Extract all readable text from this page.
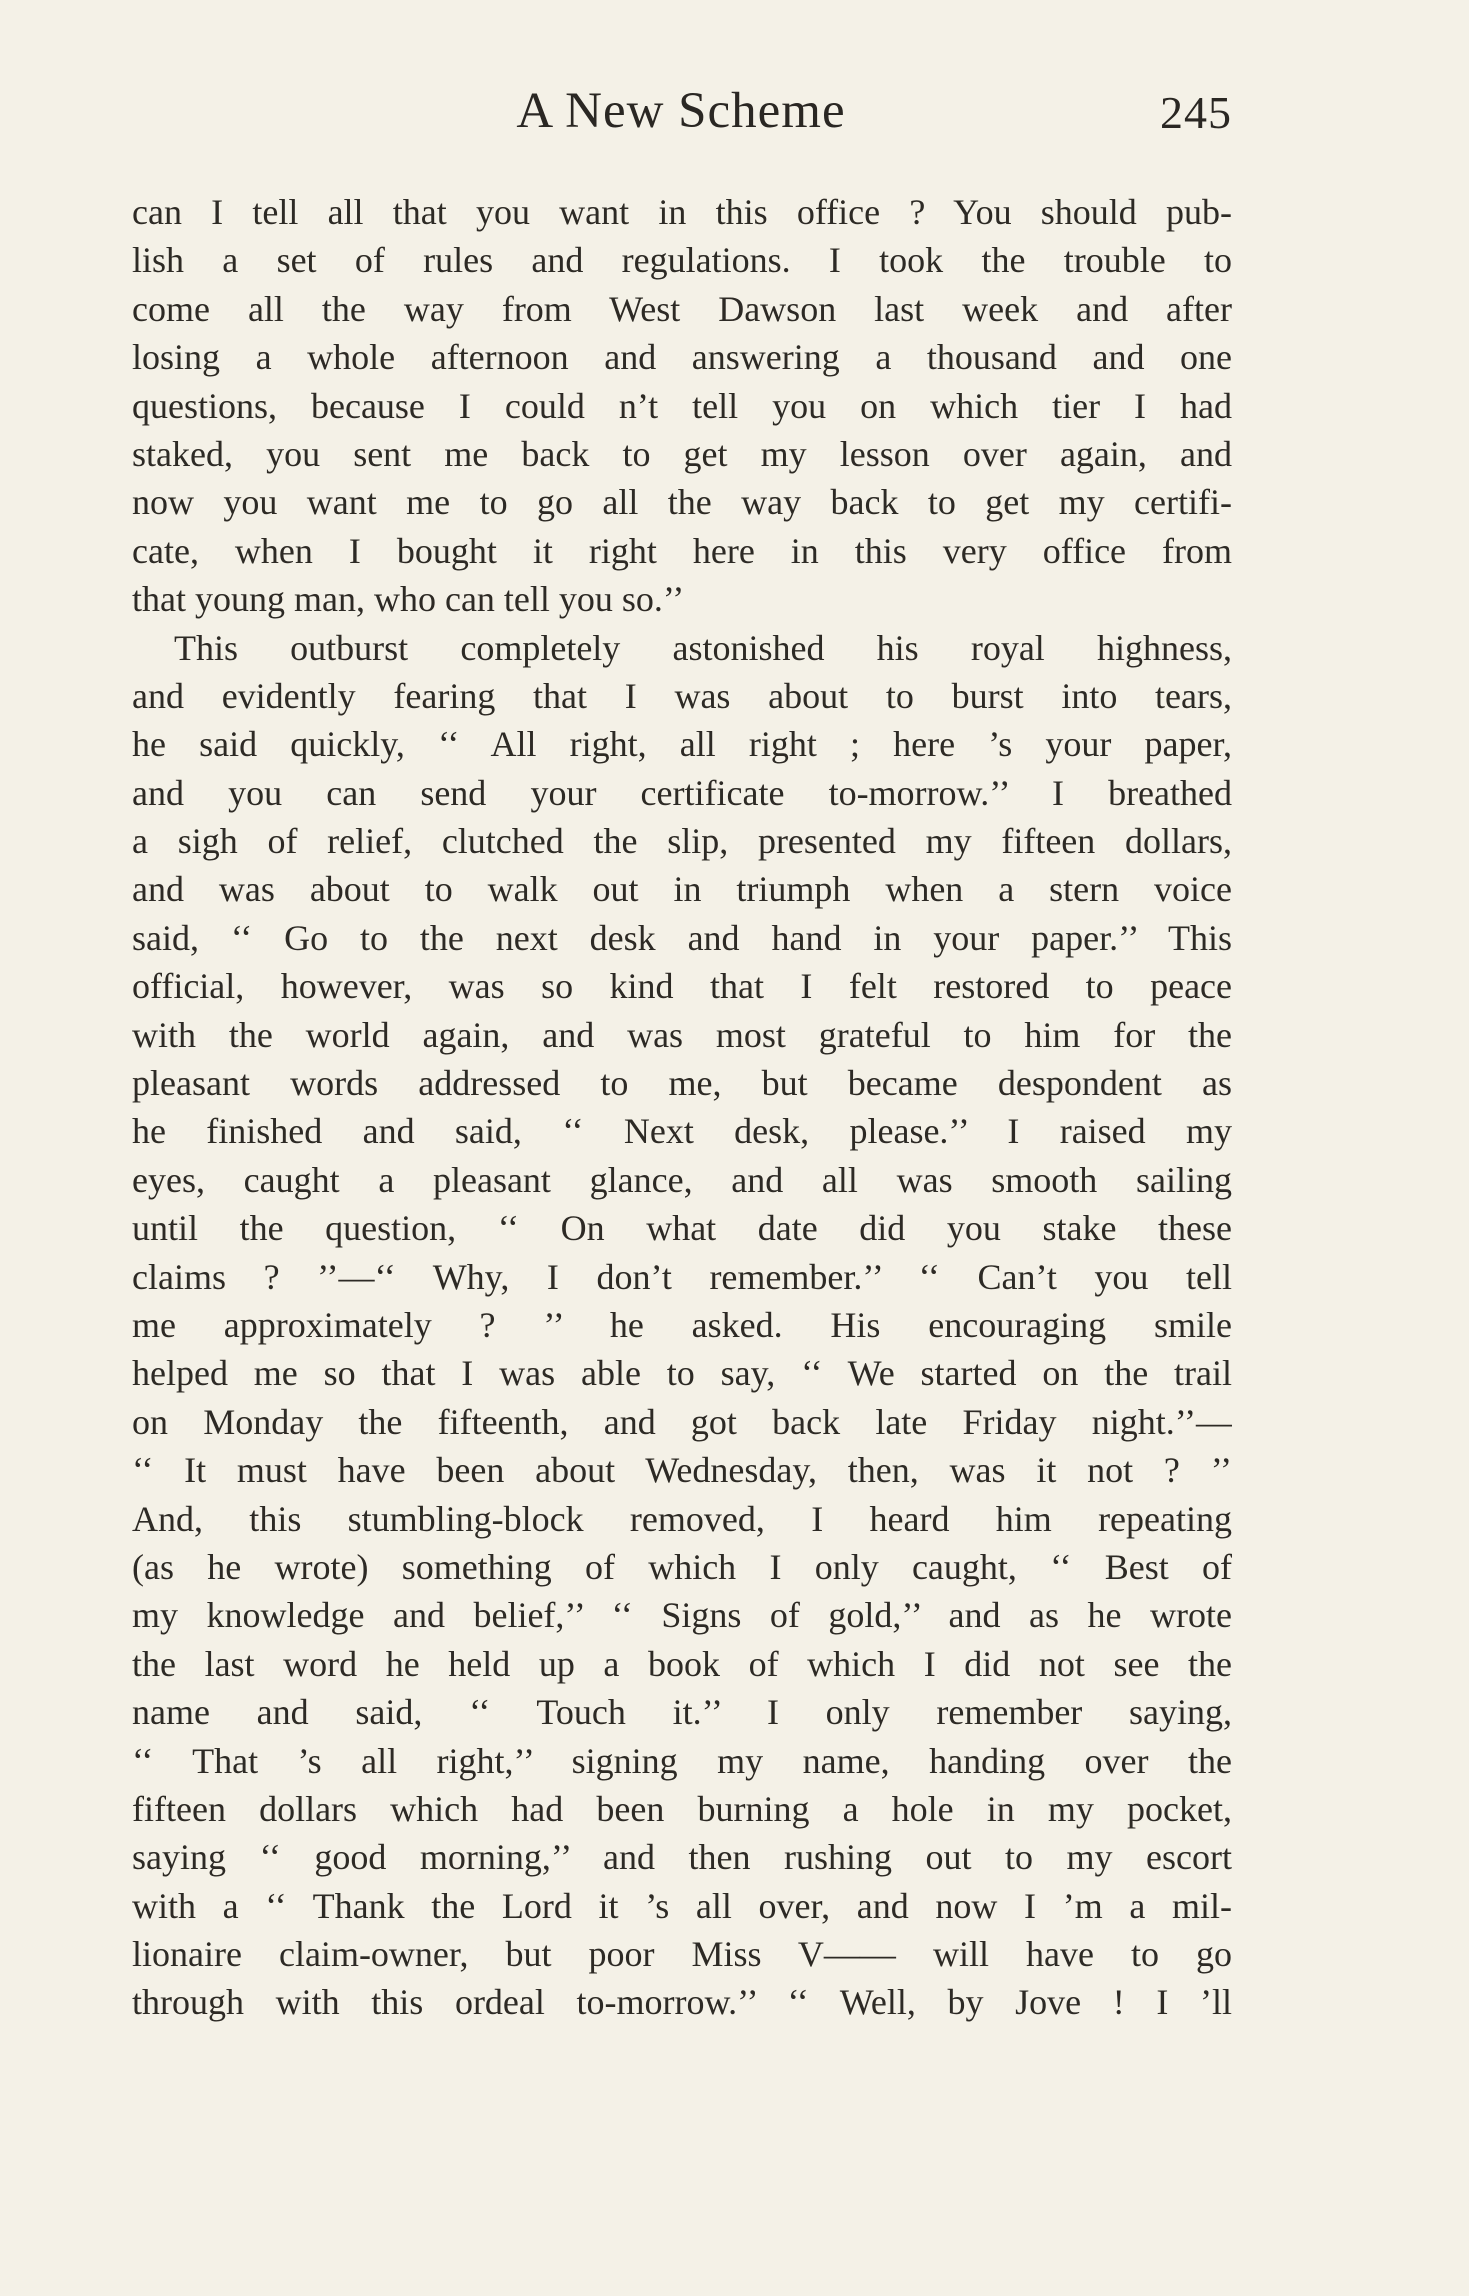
A New Scheme	245
can I tell all that you want in this office ? You should pub-
lish a set of rules and regulations. I took the trouble to
come all the way from West Dawson last week and after
losing a whole afternoon and answering a thousand and one
questions, because I could n’t tell you on which tier I had
staked, you sent me back to get my lesson over again, and
now you want me to go all the way back to get my certifi-
cate, when I bought it right here in this very office from
that young man, who can tell you so.’’
This outburst completely astonished his royal highness,
and evidently fearing that I was about to burst into tears,
he said quickly, ‘‘ All right, all right ; here ’s your paper,
and you can send your certificate to-morrow.’’ I breathed
a sigh of relief, clutched the slip, presented my fifteen dollars,
and was about to walk out in triumph when a stern voice
said, ‘‘ Go to the next desk and hand in your paper.’’ This
official, however, was so kind that I felt restored to peace
with the world again, and was most grateful to him for the
pleasant words addressed to me, but became despondent as
he finished and said, ‘‘ Next desk, please.’’ I raised my
eyes, caught a pleasant glance, and all was smooth sailing
until the question, ‘‘ On what date did you stake these
claims ? ’’—‘‘ Why, I don’t remember.’’ ‘‘ Can’t you tell
me approximately ? ’’ he asked. His encouraging smile
helped me so that I was able to say, ‘‘ We started on the trail
on Monday the fifteenth, and got back late Friday night.’’—
‘‘ It must have been about Wednesday, then, was it not ? ’’
And, this stumbling-block removed, I heard him repeating
(as he wrote) something of which I only caught, ‘‘ Best of
my knowledge and belief,’’ ‘‘ Signs of gold,’’ and as he wrote
the last word he held up a book of which I did not see the
name and said, ‘‘ Touch it.’’ I only remember saying,
‘‘ That ’s all right,’’ signing my name, handing over the
fifteen dollars which had been burning a hole in my pocket,
saying ‘‘ good morning,’’ and then rushing out to my escort
with a ‘‘ Thank the Lord it ’s all over, and now I ’m a mil-
lionaire claim-owner, but poor Miss V—— will have to go
through with this ordeal to-morrow.’’ ‘‘ Well, by Jove ! I ’ll
